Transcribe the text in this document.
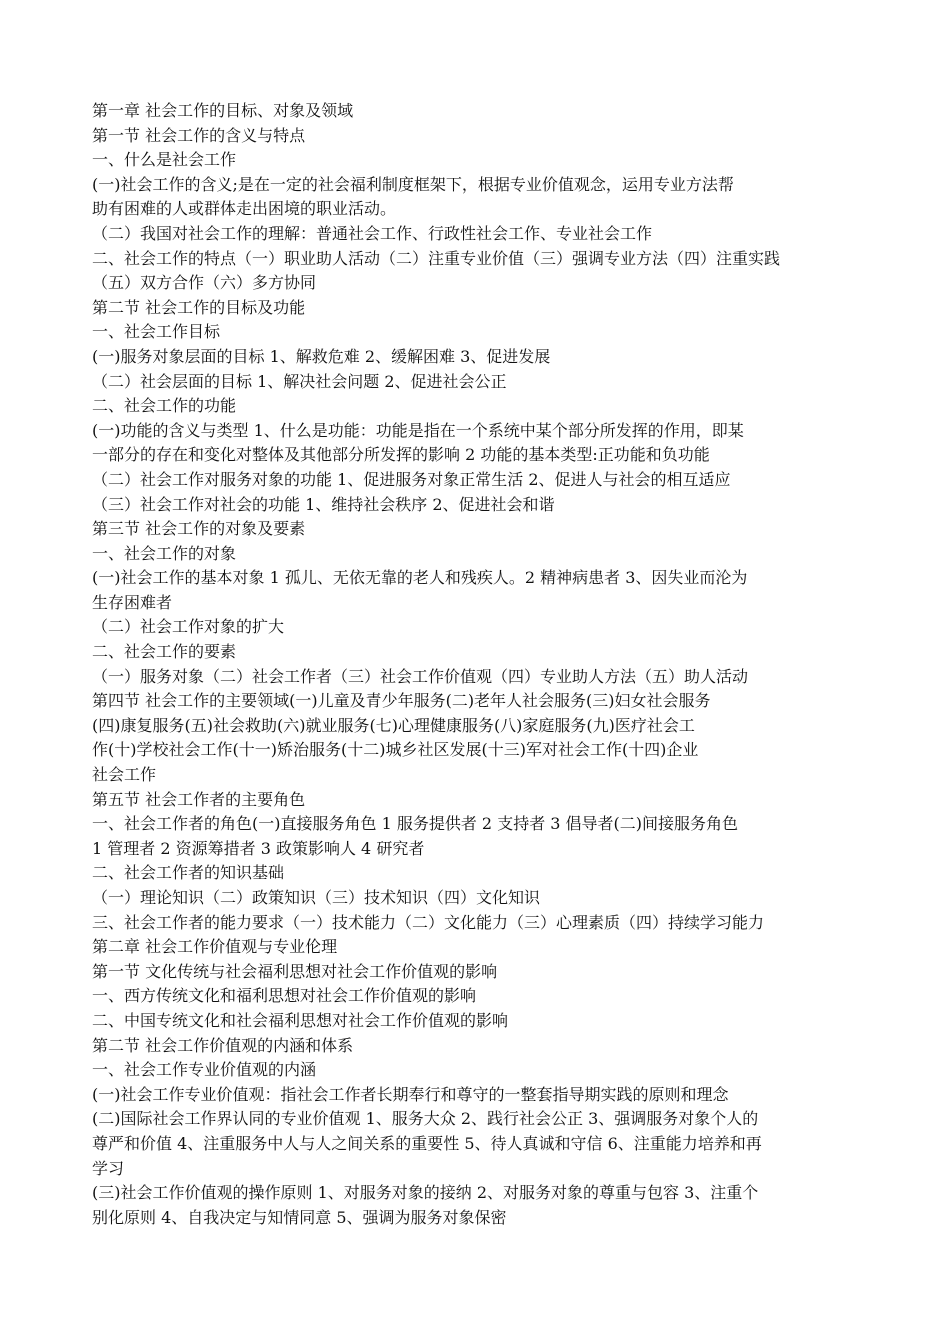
第一章 社会工作的目标、对象及领域
第一节 社会工作的含义与特点
一、什么是社会工作
(一)社会工作的含义;是在一定的社会福利制度框架下，根据专业价值观念，运用专业方法帮
助有困难的人或群体走出困境的职业活动。
（二）我国对社会工作的理解：普通社会工作、行政性社会工作、专业社会工作
二、社会工作的特点（一）职业助人活动（二）注重专业价值（三）强调专业方法（四）注重实践
（五）双方合作（六）多方协同
第二节 社会工作的目标及功能
一、社会工作目标
(一)服务对象层面的目标 1、解救危难 2、缓解困难 3、促进发展
（二）社会层面的目标 1、解决社会问题 2、促进社会公正
二、社会工作的功能
(一)功能的含义与类型 1、什么是功能：功能是指在一个系统中某个部分所发挥的作用，即某
一部分的存在和变化对整体及其他部分所发挥的影响 2 功能的基本类型:正功能和负功能
（二）社会工作对服务对象的功能 1、促进服务对象正常生活 2、促进人与社会的相互适应
（三）社会工作对社会的功能 1、维持社会秩序 2、促进社会和谐
第三节 社会工作的对象及要素
一、社会工作的对象
(一)社会工作的基本对象 1 孤儿、无依无靠的老人和残疾人。2 精神病患者 3、因失业而沦为
生存困难者
（二）社会工作对象的扩大
二、社会工作的要素
（一）服务对象（二）社会工作者（三）社会工作价值观（四）专业助人方法（五）助人活动
第四节 社会工作的主要领域(一)儿童及青少年服务(二)老年人社会服务(三)妇女社会服务
(四)康复服务(五)社会救助(六)就业服务(七)心理健康服务(八)家庭服务(九)医疗社会工
作(十)学校社会工作(十一)矫治服务(十二)城乡社区发展(十三)军对社会工作(十四)企业
社会工作
第五节 社会工作者的主要角色
一、社会工作者的角色(一)直接服务角色 1 服务提供者 2 支持者 3 倡导者(二)间接服务角色
1 管理者 2 资源筹措者 3 政策影响人 4 研究者
二、社会工作者的知识基础
（一）理论知识（二）政策知识（三）技术知识（四）文化知识
三、社会工作者的能力要求（一）技术能力（二）文化能力（三）心理素质（四）持续学习能力
第二章 社会工作价值观与专业伦理
第一节 文化传统与社会福利思想对社会工作价值观的影响
一、西方传统文化和福利思想对社会工作价值观的影响
二、中国专统文化和社会福利思想对社会工作价值观的影响
第二节 社会工作价值观的内涵和体系
一、社会工作专业价值观的内涵
(一)社会工作专业价值观：指社会工作者长期奉行和尊守的一整套指导期实践的原则和理念
(二)国际社会工作界认同的专业价值观 1、服务大众 2、践行社会公正 3、强调服务对象个人的
尊严和价值 4、注重服务中人与人之间关系的重要性 5、待人真诚和守信 6、注重能力培养和再
学习
(三)社会工作价值观的操作原则 1、对服务对象的接纳 2、对服务对象的尊重与包容 3、注重个
别化原则 4、自我决定与知情同意 5、强调为服务对象保密
